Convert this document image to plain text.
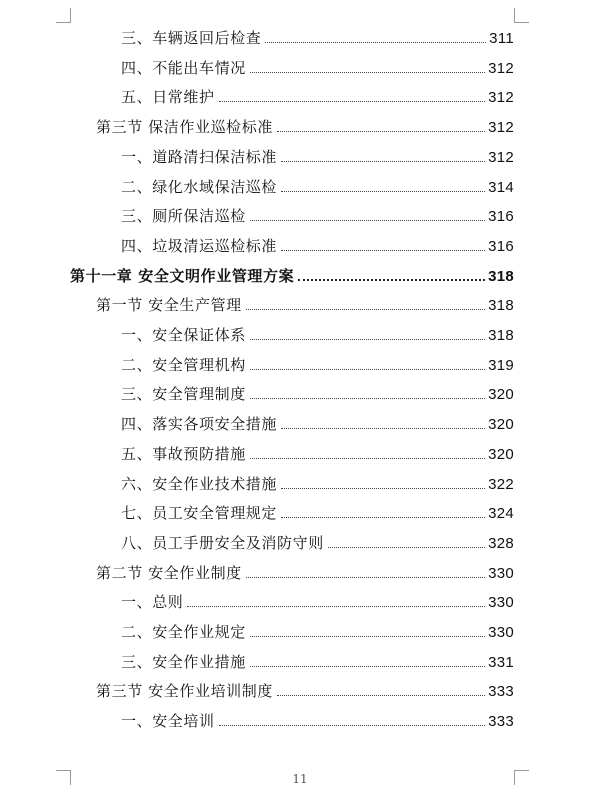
三、车辆返回后检查	311
四、不能出车情况	312
五、日常维护	312
第三节 保洁作业巡检标准	312
一、道路清扫保洁标准	312
二、绿化水域保洁巡检	314
三、厕所保洁巡检	316
四、垃圾清运巡检标准	316
第十一章 安全文明作业管理方案	318
第一节 安全生产管理	318
一、安全保证体系	318
二、安全管理机构	319
三、安全管理制度	320
四、落实各项安全措施	320
五、事故预防措施	320
六、安全作业技术措施	322
七、员工安全管理规定	324
八、员工手册安全及消防守则	328
第二节 安全作业制度	330
一、总则	330
二、安全作业规定	330
三、安全作业措施	331
第三节 安全作业培训制度	333
一、安全培训	333
11
